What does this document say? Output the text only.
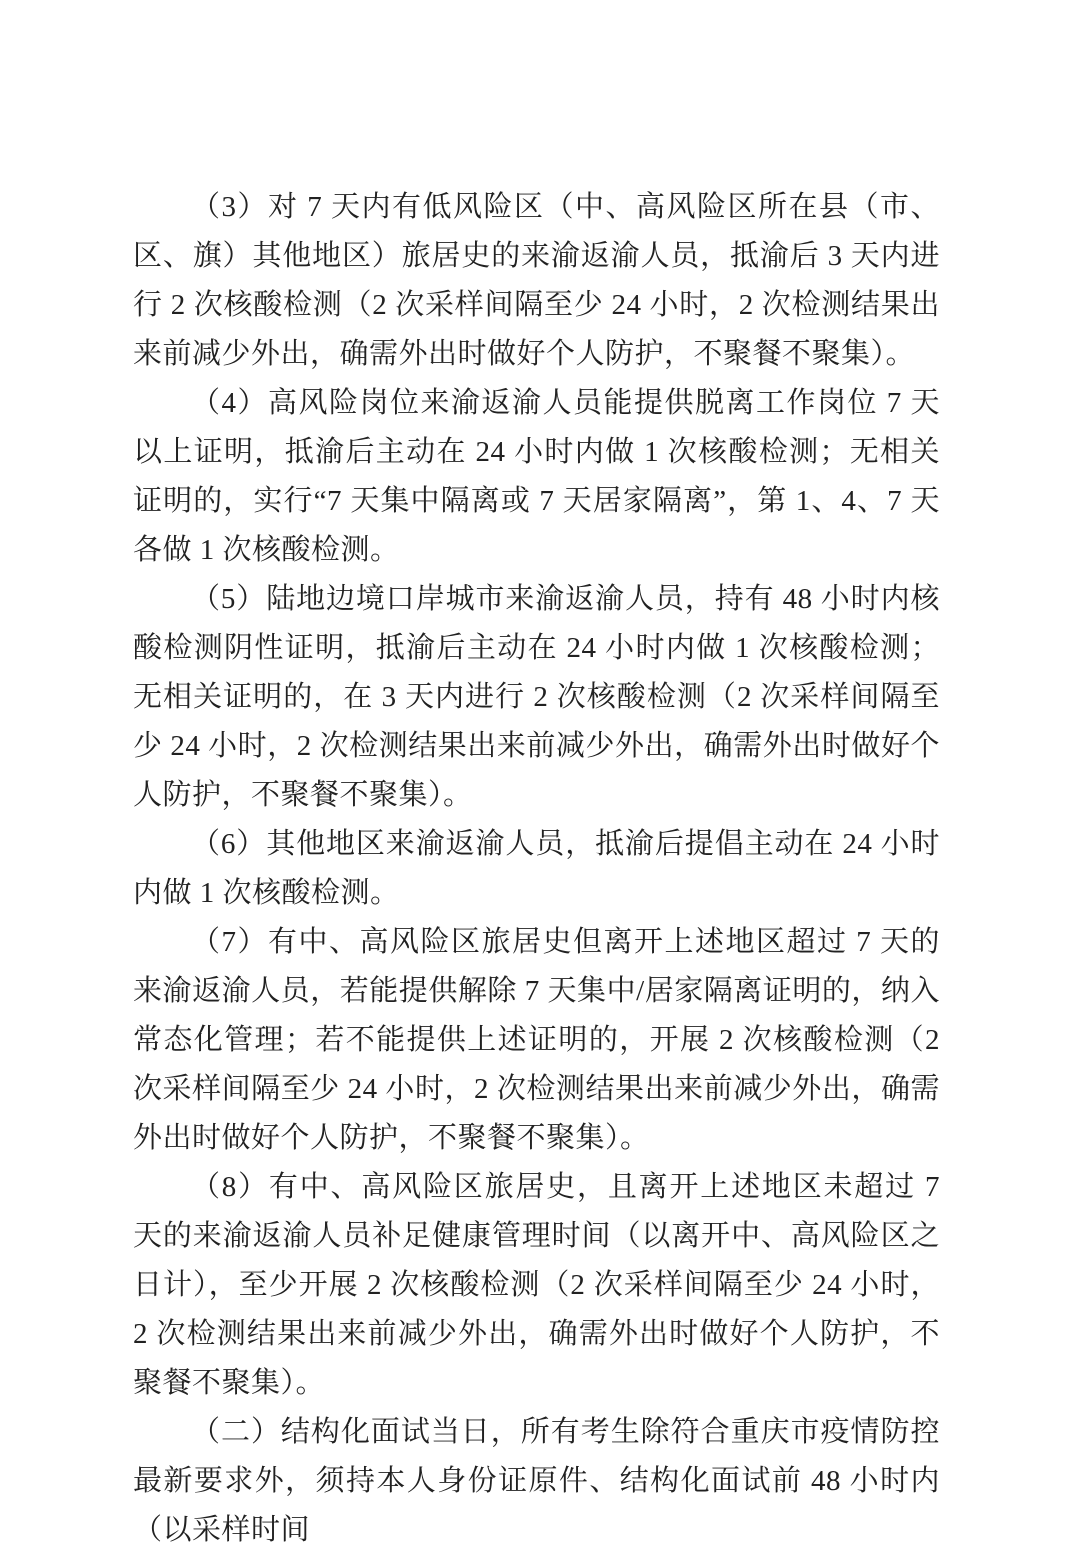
（3）对 7 天内有低风险区（中、高风险区所在县（市、区、旗）其他地区）旅居史的来渝返渝人员，抵渝后 3 天内进行 2 次核酸检测（2 次采样间隔至少 24 小时，2 次检测结果出来前减少外出，确需外出时做好个人防护，不聚餐不聚集）。

（4）高风险岗位来渝返渝人员能提供脱离工作岗位 7 天以上证明，抵渝后主动在 24 小时内做 1 次核酸检测；无相关证明的，实行“7 天集中隔离或 7 天居家隔离”，第 1、4、7 天各做 1 次核酸检测。

（5）陆地边境口岸城市来渝返渝人员，持有 48 小时内核酸检测阴性证明，抵渝后主动在 24 小时内做 1 次核酸检测；无相关证明的，在 3 天内进行 2 次核酸检测（2 次采样间隔至少 24 小时，2 次检测结果出来前减少外出，确需外出时做好个人防护，不聚餐不聚集）。

（6）其他地区来渝返渝人员，抵渝后提倡主动在 24 小时内做 1 次核酸检测。

（7）有中、高风险区旅居史但离开上述地区超过 7 天的来渝返渝人员，若能提供解除 7 天集中/居家隔离证明的，纳入常态化管理；若不能提供上述证明的，开展 2 次核酸检测（2 次采样间隔至少 24 小时，2 次检测结果出来前减少外出，确需外出时做好个人防护，不聚餐不聚集）。

（8）有中、高风险区旅居史，且离开上述地区未超过 7 天的来渝返渝人员补足健康管理时间（以离开中、高风险区之日计），至少开展 2 次核酸检测（2 次采样间隔至少 24 小时，2 次检测结果出来前减少外出，确需外出时做好个人防护，不聚餐不聚集）。

（二）结构化面试当日，所有考生除符合重庆市疫情防控最新要求外，须持本人身份证原件、结构化面试前 48 小时内（以采样时间
